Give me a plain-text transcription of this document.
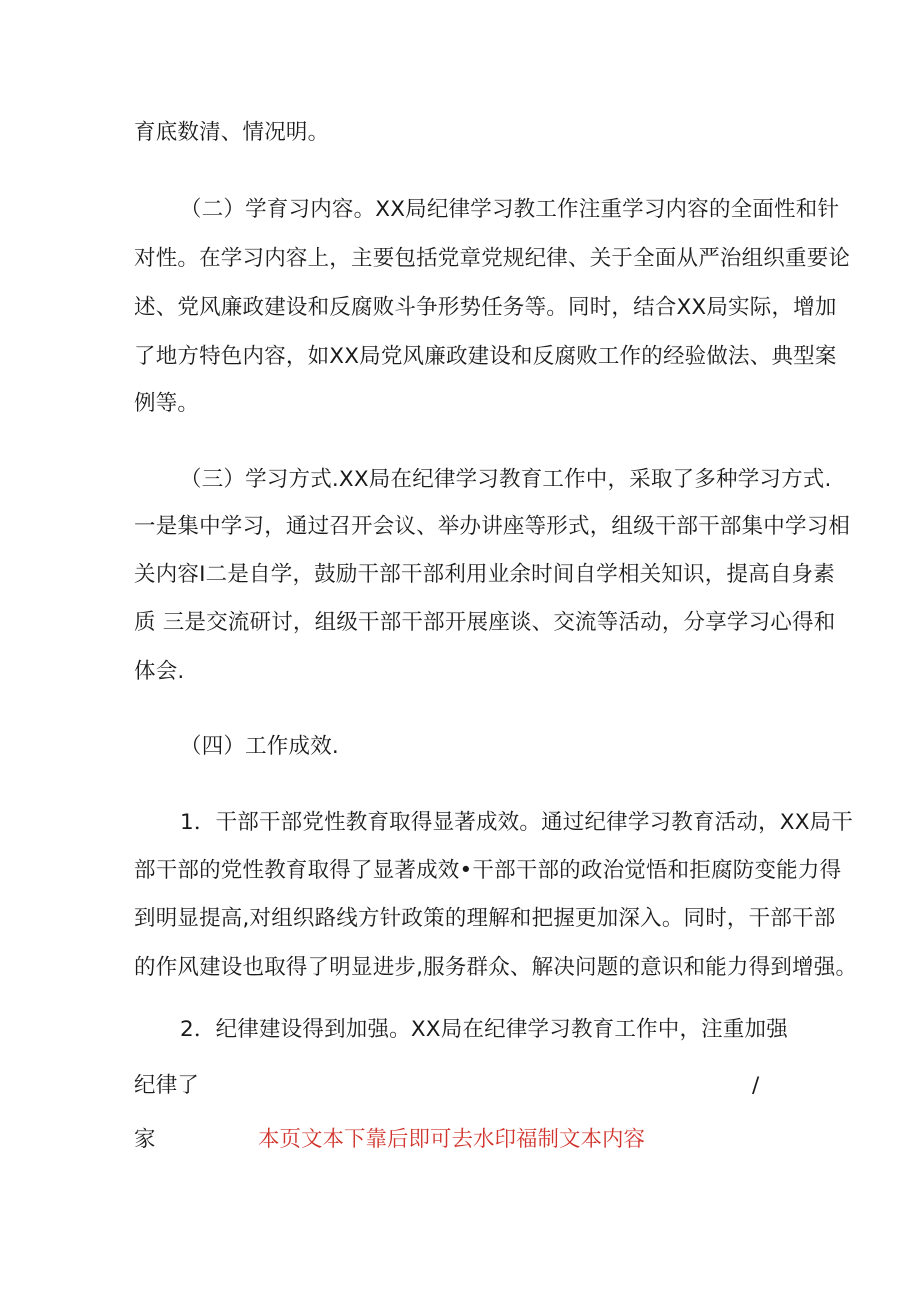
育底数清、情况明。
（二）学育习内容。XX局纪律学习教工作注重学习内容的全面性和针
对性。在学习内容上，主要包括党章党规纪律、关于全面从严治组织重要论
述、党风廉政建设和反腐败斗争形势任务等。同时，结合XX局实际，增加
了地方特色内容，如XX局党风廉政建设和反腐败工作的经验做法、典型案
例等。
（三）学习方式.XX局在纪律学习教育工作中，采取了多种学习方式.
一是集中学习，通过召开会议、举办讲座等形式，组级干部干部集中学习相
关内容I二是自学，鼓励干部干部利用业余时间自学相关知识，提高自身素
质 三是交流研讨，组级干部干部开展座谈、交流等活动，分享学习心得和
体会.
（四）工作成效.
1．干部干部党性教育取得显著成效。通过纪律学习教育活动，XX局干
部干部的党性教育取得了显著成效•干部干部的政治觉悟和拒腐防变能力得
到明显提高,对组织路线方针政策的理解和把握更加深入。同时，干部干部
的作风建设也取得了明显进步,服务群众、解决问题的意识和能力得到增强。
2．纪律建设得到加强。XX局在纪律学习教育工作中，注重加强
纪律了	/
家	本页文本下靠后即可去水印福制文本内容
